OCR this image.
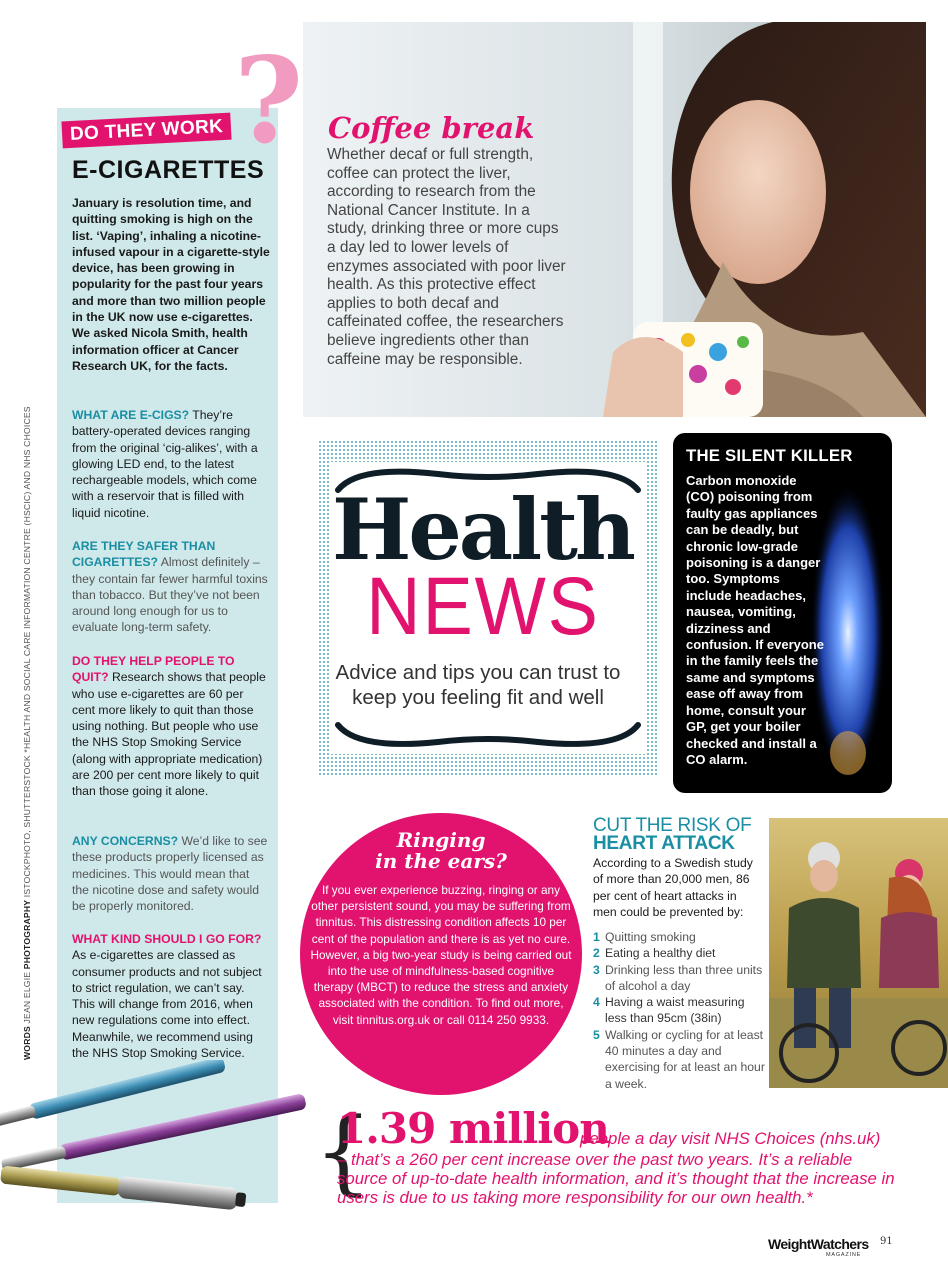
?
DO THEY WORK
E-CIGARETTES
January is resolution time, and quitting smoking is high on the list. ‘Vaping’, inhaling a nicotine-infused vapour in a cigarette-style device, has been growing in popularity for the past four years and more than two million people in the UK now use e-cigarettes. We asked Nicola Smith, health information officer at Cancer Research UK, for the facts.
WHAT ARE E-CIGS? They’re battery-operated devices ranging from the original ‘cig-alikes’, with a glowing LED end, to the latest rechargeable models, which come with a reservoir that is filled with liquid nicotine.
ARE THEY SAFER THAN CIGARETTES? Almost definitely – they contain far fewer harmful toxins than tobacco. But they’ve not been around long enough for us to evaluate long-term safety.
DO THEY HELP PEOPLE TO QUIT? Research shows that people who use e-cigarettes are 60 per cent more likely to quit than those using nothing. But people who use the NHS Stop Smoking Service (along with appropriate medication) are 200 per cent more likely to quit than those going it alone.
ANY CONCERNS? We’d like to see these products properly licensed as medicines. This would mean that the nicotine dose and safety would be properly monitored.
WHAT KIND SHOULD I GO FOR? As e-cigarettes are classed as consumer products and not subject to strict regulation, we can’t say. This will change from 2016, when new regulations come into effect. Meanwhile, we recommend using the NHS Stop Smoking Service.
WORDS JEAN ELGIE PHOTOGRAPHY ISTOCKPHOTO, SHUTTERSTOCK *HEALTH AND SOCIAL CARE INFORMATION CENTRE (HSCIC) AND NHS CHOICES
Coffee break
Whether decaf or full strength, coffee can protect the liver, according to research from the National Cancer Institute. In a study, drinking three or more cups a day led to lower levels of enzymes associated with poor liver health. As this protective effect applies to both decaf and caffeinated coffee, the researchers believe ingredients other than caffeine may be responsible.
Health
NEWS
Advice and tips you can trust to keep you feeling fit and well
THE SILENT KILLER
Carbon monoxide (CO) poisoning from faulty gas appliances can be deadly, but chronic low-grade poisoning is a danger too. Symptoms include headaches, nausea, vomiting, dizziness and confusion. If everyone in the family feels the same and symptoms ease off away from home, consult your GP, get your boiler checked and install a CO alarm.
Ringing
in the ears?
If you ever experience buzzing, ringing or any other persistent sound, you may be suffering from tinnitus. This distressing condition affects 10 per cent of the population and there is as yet no cure. However, a big two-year study is being carried out into the use of mindfulness-based cognitive therapy (MBCT) to reduce the stress and anxiety associated with the condition. To find out more, visit tinnitus.org.uk or call 0114 250 9933.
CUT THE RISK OF
HEART ATTACK
According to a Swedish study of more than 20,000 men, 86 per cent of heart attacks in men could be prevented by:
1 Quitting smoking
2 Eating a healthy diet
3 Drinking less than three units of alcohol a day
4 Having a waist measuring less than 95cm (38in)
5 Walking or cycling for at least 40 minutes a day and exercising for at least an hour a week.
{
1.39 million
people a day visit NHS Choices (nhs.uk)
– that’s a 260 per cent increase over the past two years. It’s a reliable source of up-to-date health information, and it’s thought that the increase in users is due to us taking more responsibility for our own health.*
WeightWatchers
MAGAZINE
91
